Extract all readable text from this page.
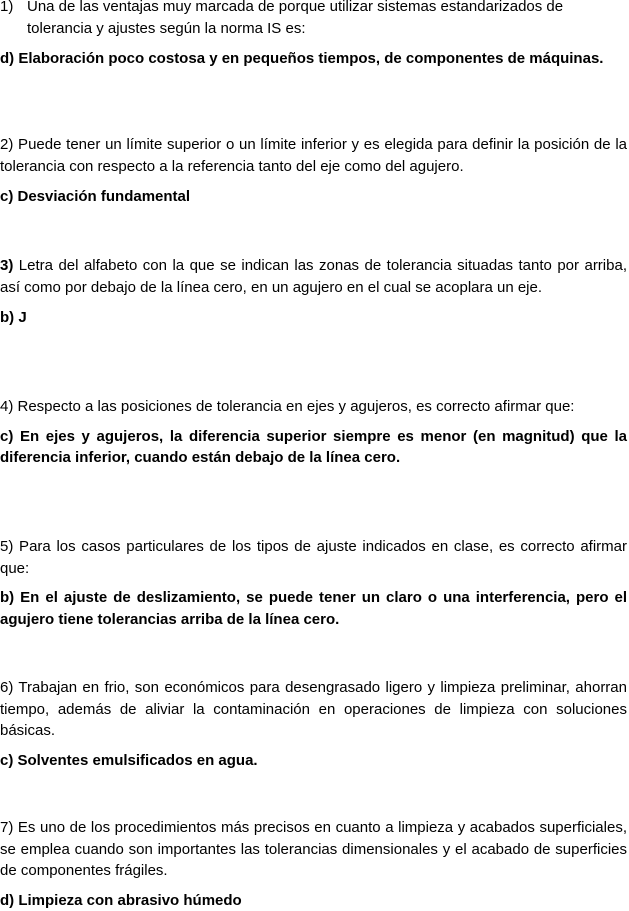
1) Una de las ventajas muy marcada de porque utilizar sistemas estandarizados de tolerancia y ajustes según la norma IS es:

d) Elaboración poco costosa y en pequeños tiempos, de componentes de máquinas.

2) Puede tener un límite superior o un límite inferior y es elegida para definir la posición de la tolerancia con respecto a la referencia tanto del eje como del agujero.

c) Desviación fundamental

3) Letra del alfabeto con la que se indican las zonas de tolerancia situadas tanto por arriba, así como por debajo de la línea cero, en un agujero en el cual se acoplara un eje.

b) J

4) Respecto a las posiciones de tolerancia en ejes y agujeros, es correcto afirmar que:

c) En ejes y agujeros, la diferencia superior siempre es menor (en magnitud) que la diferencia inferior, cuando están debajo de la línea cero.

5) Para los casos particulares de los tipos de ajuste indicados en clase, es correcto afirmar que:

b) En el ajuste de deslizamiento, se puede tener un claro o una interferencia, pero el agujero tiene tolerancias arriba de la línea cero.

6) Trabajan en frio, son económicos para desengrasado ligero y limpieza preliminar, ahorran tiempo, además de aliviar la contaminación en operaciones de limpieza con soluciones básicas.

c) Solventes emulsificados en agua.

7) Es uno de los procedimientos más precisos en cuanto a limpieza y acabados superficiales, se emplea cuando son importantes las tolerancias dimensionales y el acabado de superficies de componentes frágiles.

d) Limpieza con abrasivo húmedo
